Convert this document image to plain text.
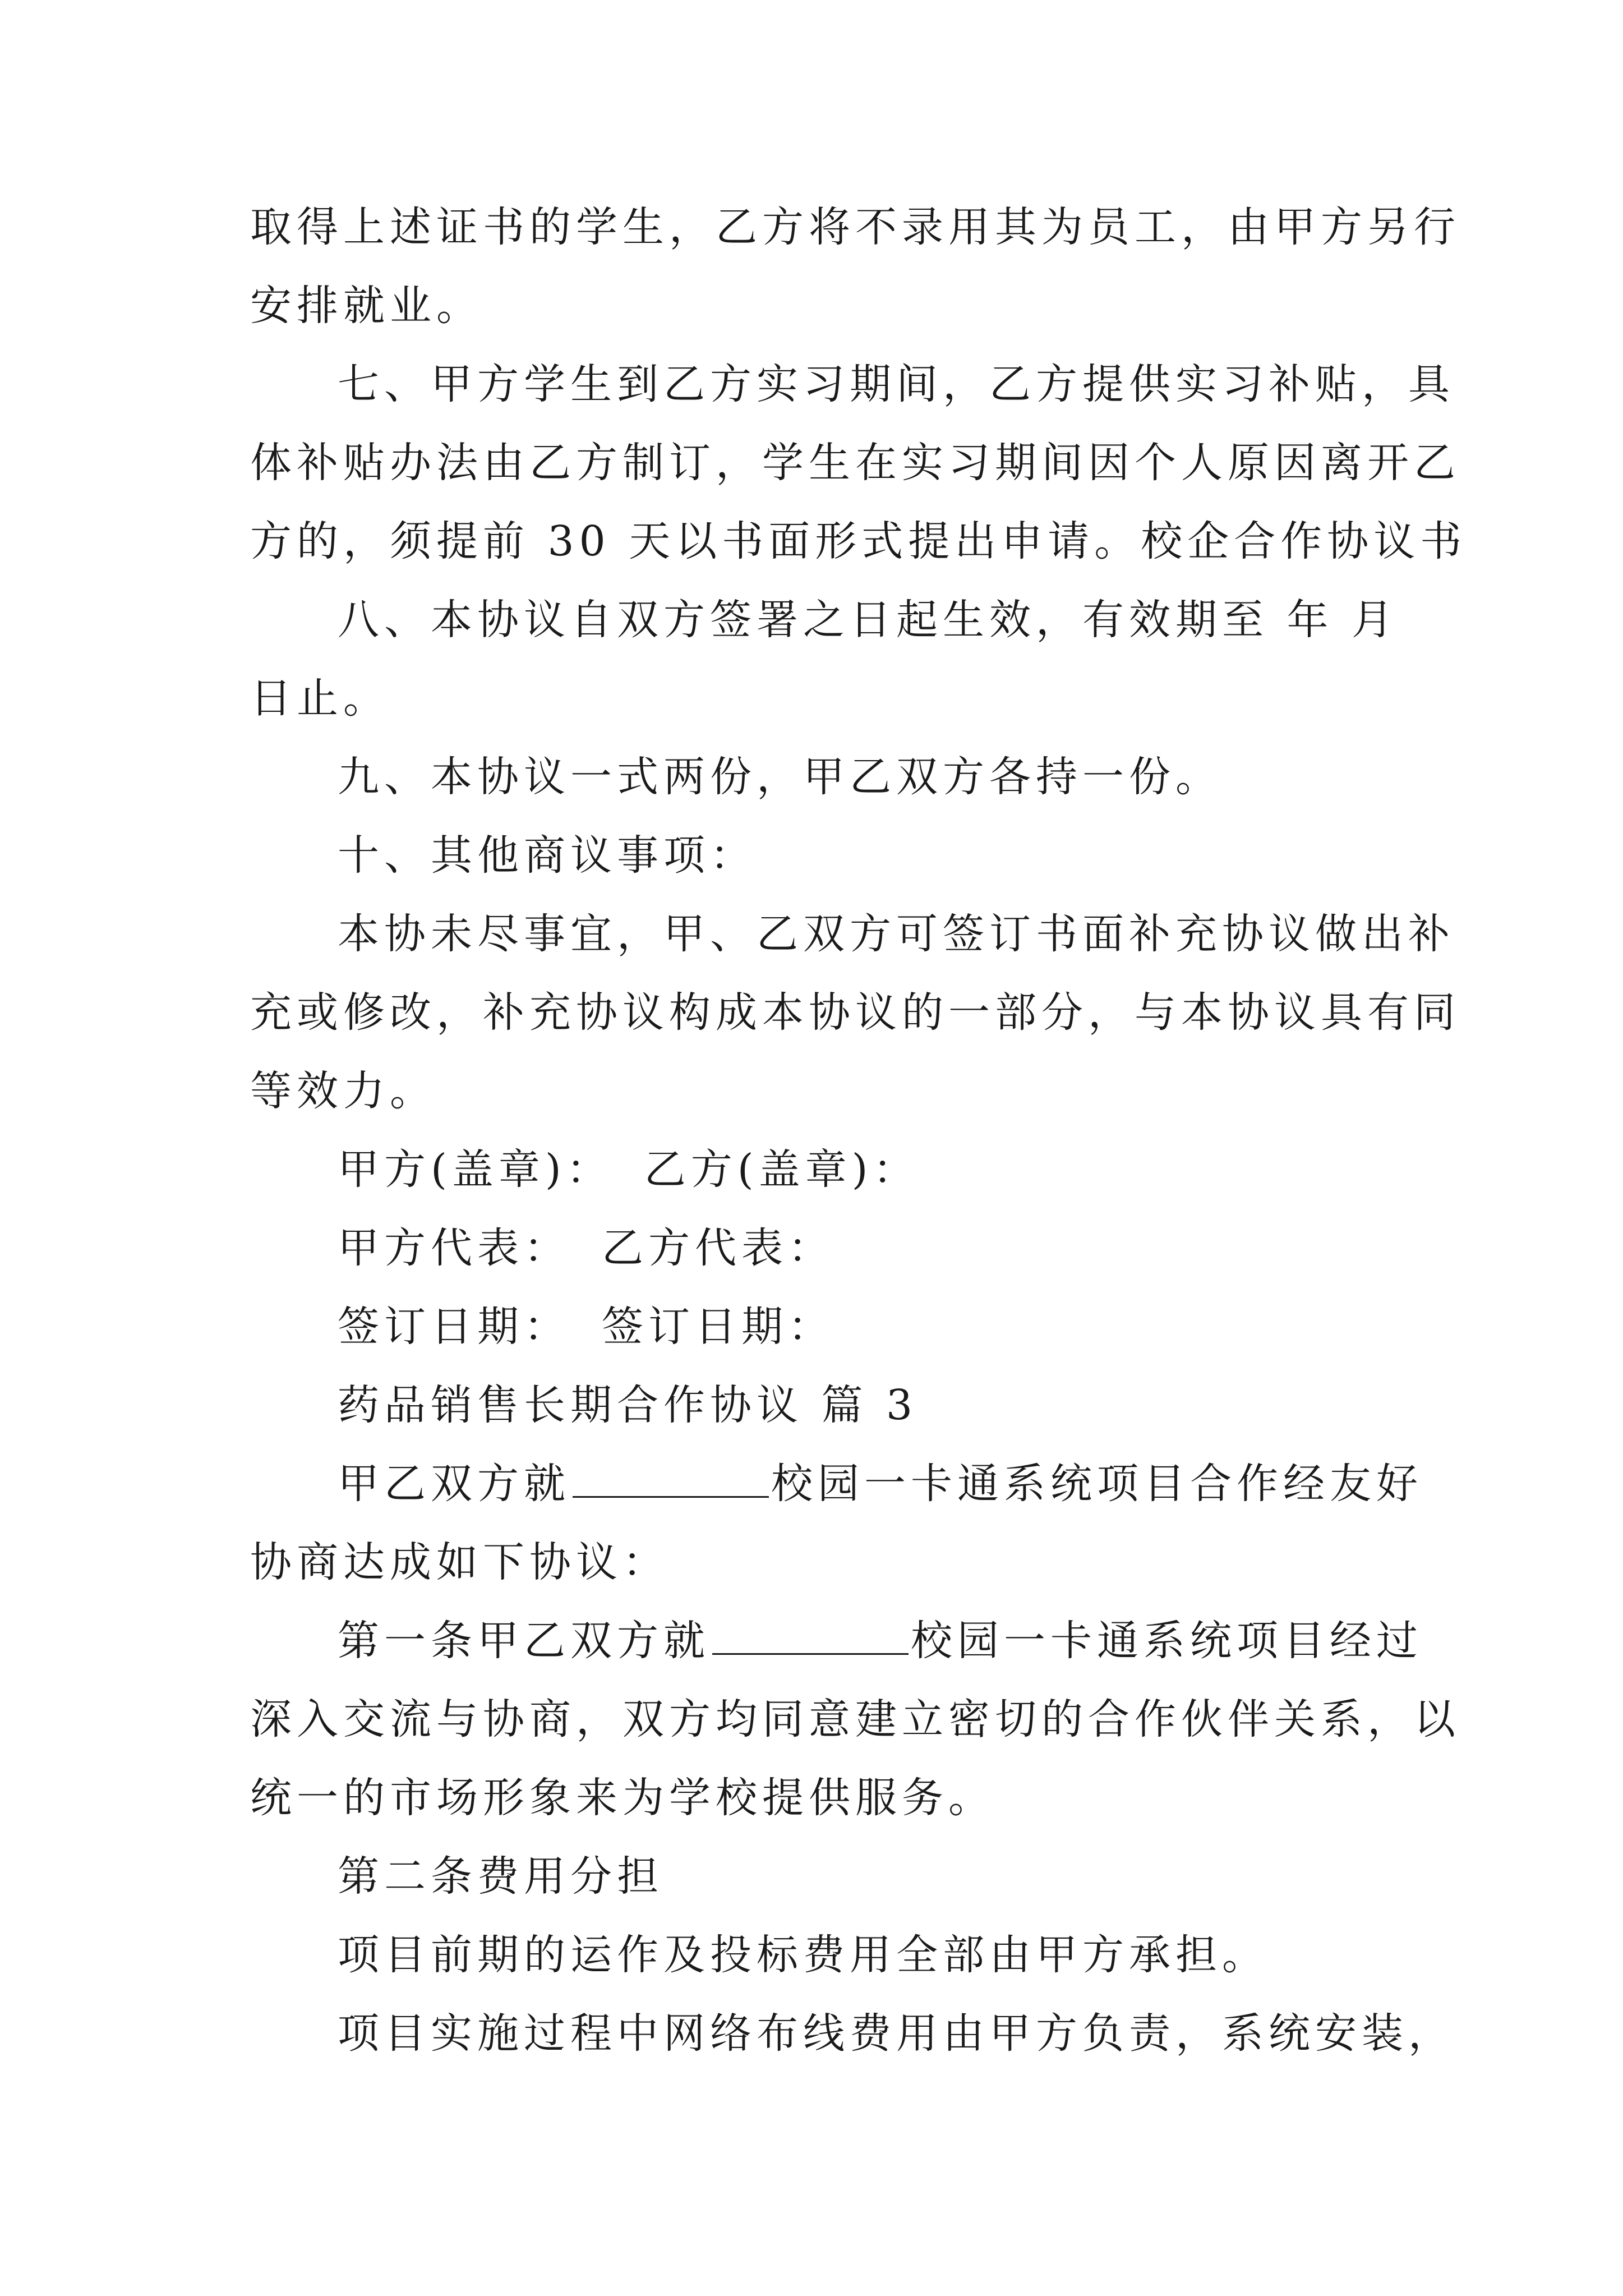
取得上述证书的学生，乙方将不录用其为员工，由甲方另行
安排就业。
七、甲方学生到乙方实习期间，乙方提供实习补贴，具
体补贴办法由乙方制订，学生在实习期间因个人原因离开乙
方的，须提前 30 天以书面形式提出申请。校企合作协议书
八、本协议自双方签署之日起生效，有效期至 年 月
日止。
九、本协议一式两份，甲乙双方各持一份。
十、其他商议事项：
本协未尽事宜，甲、乙双方可签订书面补充协议做出补
充或修改，补充协议构成本协议的一部分，与本协议具有同
等效力。
甲方(盖章)： 乙方(盖章)：
甲方代表： 乙方代表：
签订日期： 签订日期：
药品销售长期合作协议 篇 3
甲乙双方就	校园一卡通系统项目合作经友好
协商达成如下协议：
第一条甲乙双方就	校园一卡通系统项目经过
深入交流与协商，双方均同意建立密切的合作伙伴关系，以
统一的市场形象来为学校提供服务。
第二条费用分担
项目前期的运作及投标费用全部由甲方承担。
项目实施过程中网络布线费用由甲方负责，系统安装，
